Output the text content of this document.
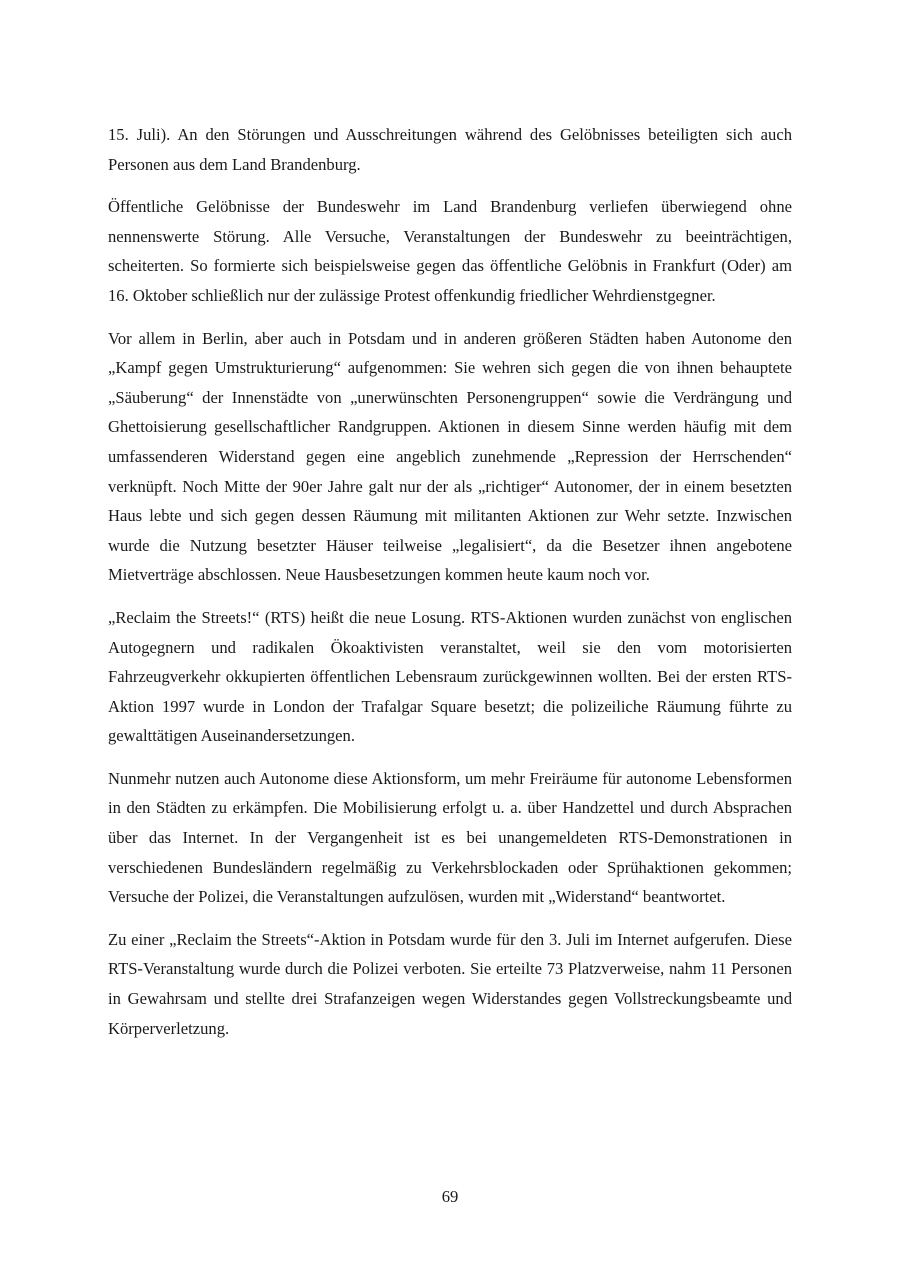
15. Juli). An den Störungen und Ausschreitungen während des Gelöbnisses beteiligten sich auch Personen aus dem Land Brandenburg.

Öffentliche Gelöbnisse der Bundeswehr im Land Brandenburg verliefen überwiegend ohne nennenswerte Störung. Alle Versuche, Veranstaltungen der Bundeswehr zu beeinträchtigen, scheiterten. So formierte sich beispielsweise gegen das öffentliche Gelöbnis in Frankfurt (Oder) am 16. Oktober schließlich nur der zulässige Protest offenkundig friedlicher Wehrdienstgegner.

Vor allem in Berlin, aber auch in Potsdam und in anderen größeren Städten haben Autonome den „Kampf gegen Umstrukturierung“ aufgenommen: Sie wehren sich gegen die von ihnen behauptete „Säuberung“ der Innenstädte von „unerwünschten Personengruppen“ sowie die Verdrängung und Ghettoisierung gesellschaftlicher Randgruppen. Aktionen in diesem Sinne werden häufig mit dem umfassenderen Widerstand gegen eine angeblich zunehmende „Repression der Herrschenden“ verknüpft. Noch Mitte der 90er Jahre galt nur der als „richtiger“ Autonomer, der in einem besetzten Haus lebte und sich gegen dessen Räumung mit militanten Aktionen zur Wehr setzte. Inzwischen wurde die Nutzung besetzter Häuser teilweise „legalisiert“, da die Besetzer ihnen angebotene Mietverträge abschlossen. Neue Hausbesetzungen kommen heute kaum noch vor.

„Reclaim the Streets!“ (RTS) heißt die neue Losung. RTS-Aktionen wurden zunächst von englischen Autogegnern und radikalen Ökoaktivisten veranstaltet, weil sie den vom motorisierten Fahrzeugverkehr okkupierten öffentlichen Lebensraum zurückgewinnen wollten. Bei der ersten RTS-Aktion 1997 wurde in London der Trafalgar Square besetzt; die polizeiliche Räumung führte zu gewalttätigen Auseinandersetzungen.

Nunmehr nutzen auch Autonome diese Aktionsform, um mehr Freiräume für autonome Lebensformen in den Städten zu erkämpfen. Die Mobilisierung erfolgt u. a. über Handzettel und durch Absprachen über das Internet. In der Vergangenheit ist es bei unangemeldeten RTS-Demonstrationen in verschiedenen Bundesländern regelmäßig zu Verkehrsblockaden oder Sprühaktionen gekommen; Versuche der Polizei, die Veranstaltungen aufzulösen, wurden mit „Widerstand“ beantwortet.

Zu einer „Reclaim the Streets“-Aktion in Potsdam wurde für den 3. Juli im Internet aufgerufen. Diese RTS-Veranstaltung wurde durch die Polizei verboten. Sie erteilte 73 Platzverweise, nahm 11 Personen in Gewahrsam und stellte drei Strafanzeigen wegen Widerstandes gegen Vollstreckungsbeamte und Körperverletzung.

69
